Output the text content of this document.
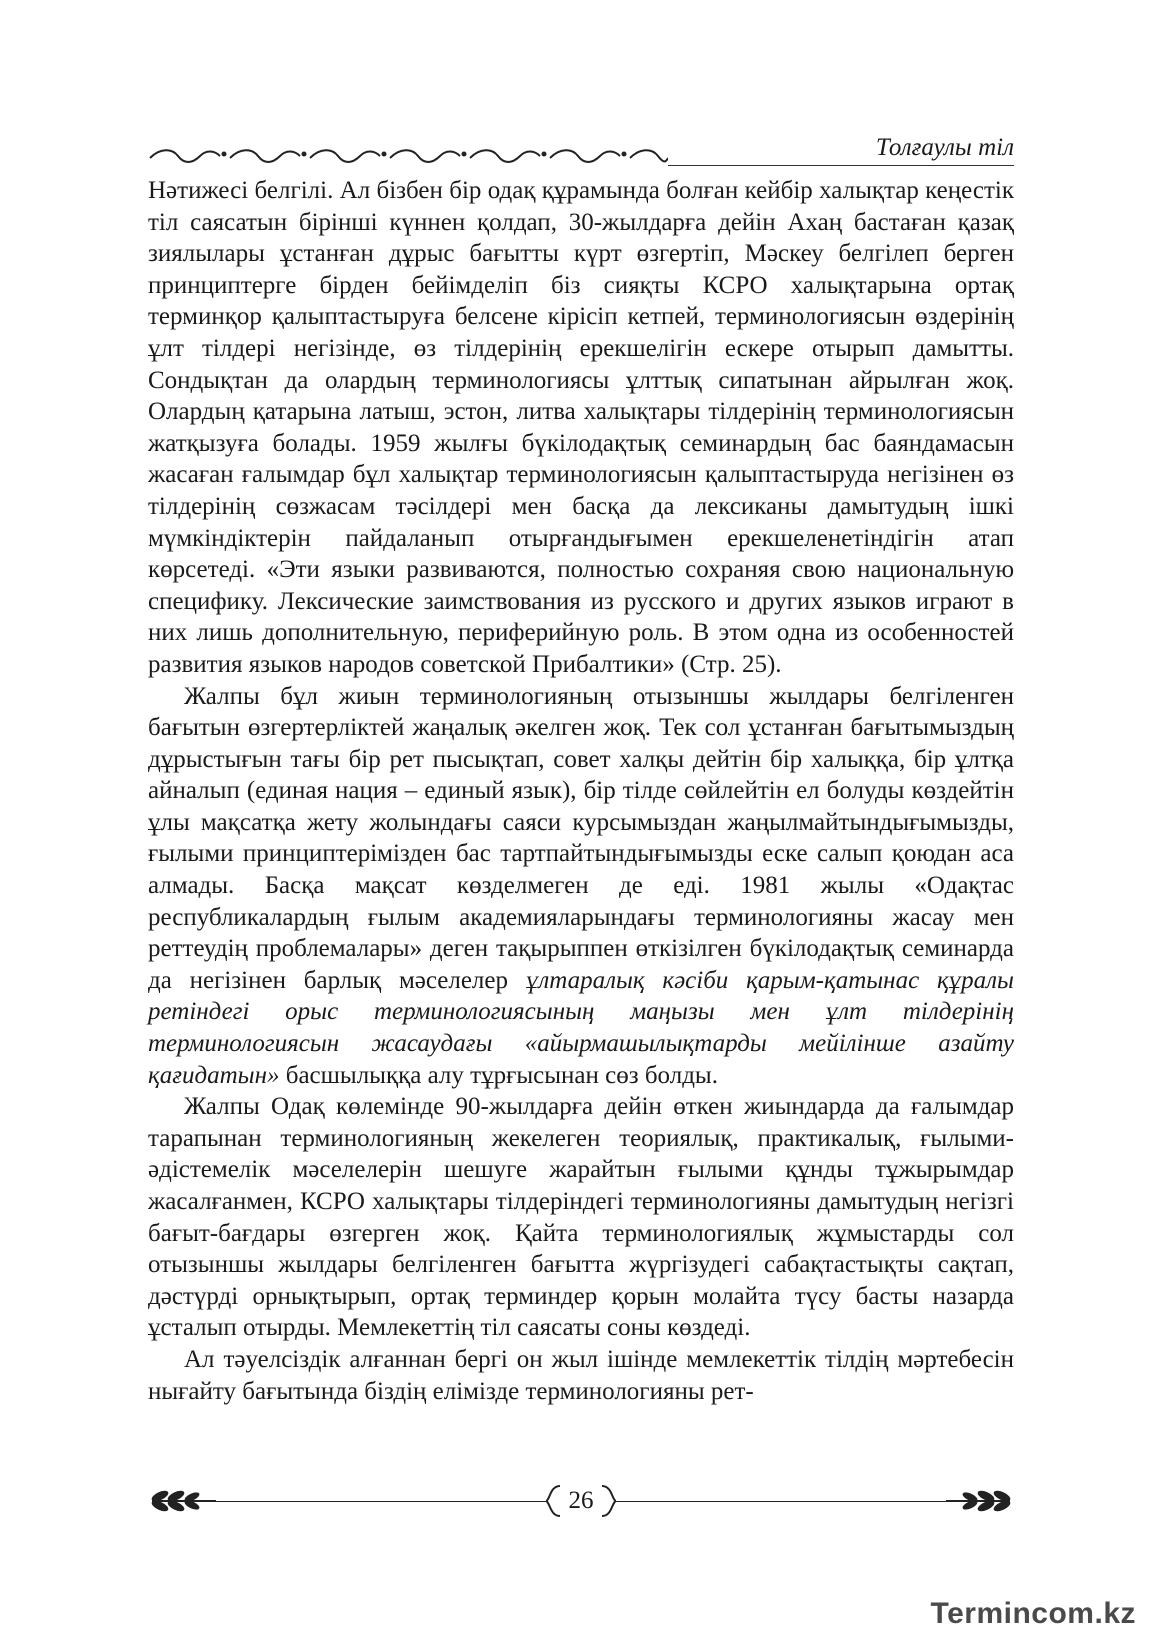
Толғаулы тіл

Нәтижесі белгілі. Ал бізбен бір одақ құрамында болған кейбір халықтар кеңестік тіл саясатын бірінші күннен қолдап, 30-жылдарға дейін Ахаң бастаған қазақ зиялылары ұстанған дұрыс бағытты күрт өзгертіп, Мәскеу белгілеп берген принциптерге бірден бейімделіп біз сияқты КСРО халықтарына ортақ терминқор қалыптастыруға белсене кірісіп кетпей, терминологиясын өздерінің ұлт тілдері негізінде, өз тілдерінің ерекшелігін ескере отырып дамытты. Сондықтан да олардың терминологиясы ұлттық сипатынан айрылған жоқ. Олардың қатарына латыш, эстон, литва халықтары тілдерінің терминологиясын жатқызуға болады. 1959 жылғы бүкілодақтық семинардың бас баяндамасын жасаған ғалымдар бұл халықтар терминологиясын қалыптастыруда негізінен өз тілдерінің сөзжасам тәсілдері мен басқа да лексиканы дамытудың ішкі мүмкіндіктерін пайдаланып отырғандығымен ерекшеленетіндігін атап көрсетеді. «Эти языки развиваются, полностью сохраняя свою национальную специфику. Лексические заимствования из русского и других языков играют в них лишь дополнительную, периферийную роль. В этом одна из особенностей развития языков народов советской Прибалтики» (Стр. 25).

Жалпы бұл жиын терминологияның отызыншы жылдары белгіленген бағытын өзгертерліктей жаңалық әкелген жоқ. Тек сол ұстанған бағытымыздың дұрыстығын тағы бір рет пысықтап, совет халқы дейтін бір халыққа, бір ұлтқа айналып (единая нация – единый язык), бір тілде сөйлейтін ел болуды көздейтін ұлы мақсатқа жету жолындағы саяси курсымыздан жаңылмайтындығымызды, ғылыми принциптерімізден бас тартпайтындығымызды еске салып қоюдан аса алмады. Басқа мақсат көзделмеген де еді. 1981 жылы «Одақтас республикалардың ғылым академияларындағы терминологияны жасау мен реттеудің проблемалары» деген тақырыппен өткізілген бүкілодақтық семинарда да негізінен барлық мәселелер ұлтаралық кәсіби қарым-қатынас құралы ретіндегі орыс терминологиясының маңызы мен ұлт тілдерінің терминологиясын жасаудағы «айырмашылықтарды мейілінше азайту қағидатын» басшылыққа алу тұрғысынан сөз болды.

Жалпы Одақ көлемінде 90-жылдарға дейін өткен жиындарда да ғалымдар тарапынан терминологияның жекелеген теориялық, практикалық, ғылыми-әдістемелік мәселелерін шешуге жарайтын ғылыми құнды тұжырымдар жасалғанмен, КСРО халықтары тілдеріндегі терминологияны дамытудың негізгі бағыт-бағдары өзгерген жоқ. Қайта терминологиялық жұмыстарды сол отызыншы жылдары белгіленген бағытта жүргізудегі сабақтастықты сақтап, дәстүрді орнықтырып, ортақ терминдер қорын молайта түсу басты назарда ұсталып отырды. Мемлекеттің тіл саясаты соны көздеді.

Ал тәуелсіздік алғаннан бергі он жыл ішінде мемлекеттік тілдің мәртебесін нығайту бағытында біздің елімізде терминологияны рет-

26
Termincom.kz
